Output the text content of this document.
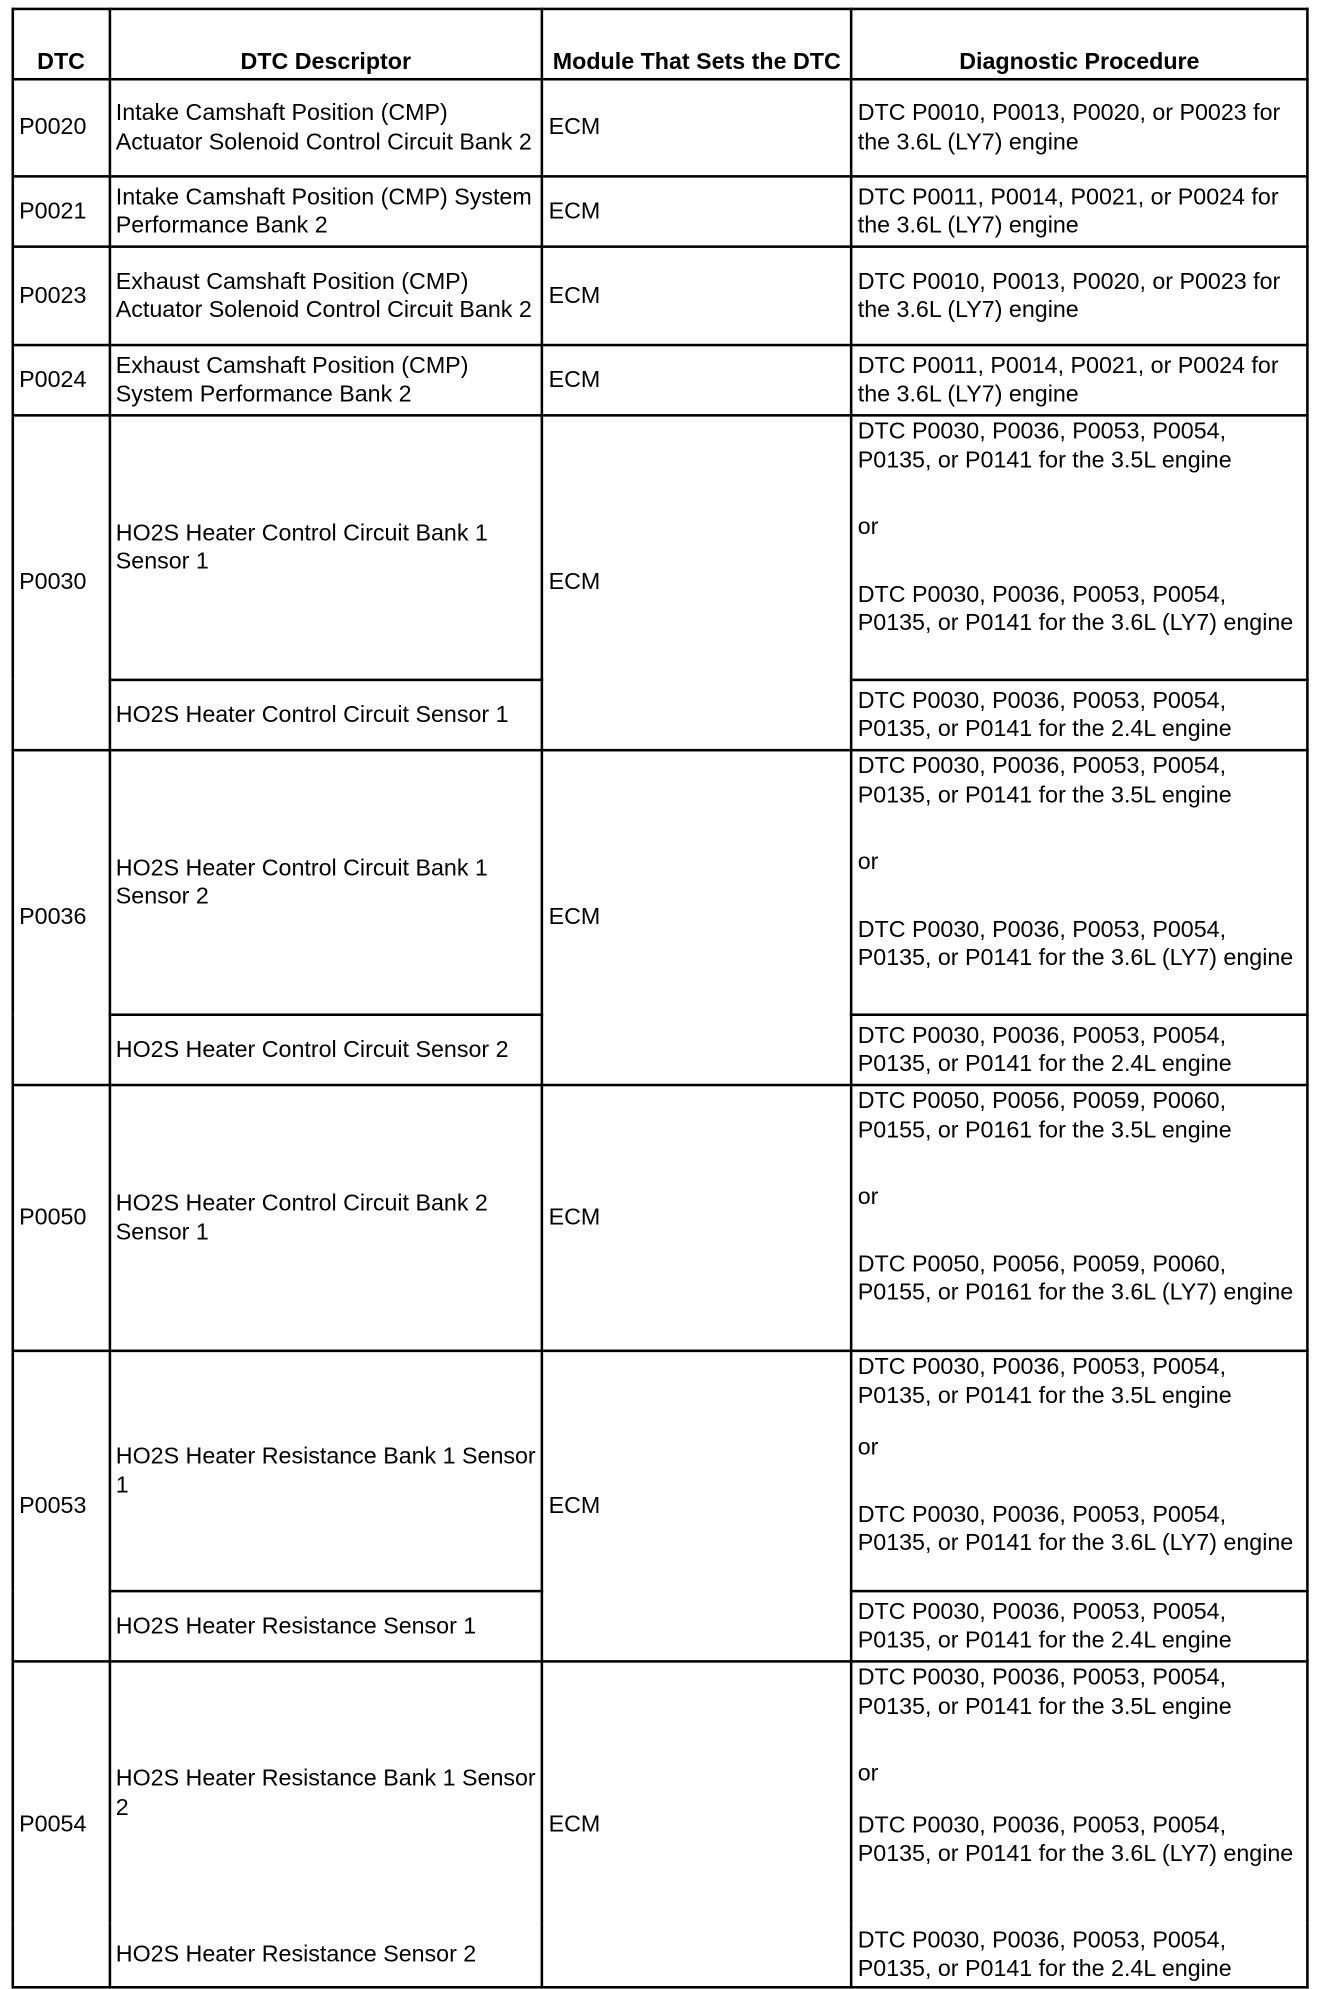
DTC	DTC Descriptor	Module That Sets the DTC	Diagnostic Procedure
P0020	Intake Camshaft Position (CMP) Actuator Solenoid Control Circuit Bank 2	ECM	DTC P0010, P0013, P0020, or P0023 for the 3.6L (LY7) engine
P0021	Intake Camshaft Position (CMP) System Performance Bank 2	ECM	DTC P0011, P0014, P0021, or P0024 for the 3.6L (LY7) engine
P0023	Exhaust Camshaft Position (CMP) Actuator Solenoid Control Circuit Bank 2	ECM	DTC P0010, P0013, P0020, or P0023 for the 3.6L (LY7) engine
P0024	Exhaust Camshaft Position (CMP) System Performance Bank 2	ECM	DTC P0011, P0014, P0021, or P0024 for the 3.6L (LY7) engine
P0030	HO2S Heater Control Circuit Bank 1 Sensor 1	ECM	DTC P0030, P0036, P0053, P0054, P0135, or P0141 for the 3.5L engine
or
DTC P0030, P0036, P0053, P0054, P0135, or P0141 for the 3.6L (LY7) engine
	HO2S Heater Control Circuit Sensor 1		DTC P0030, P0036, P0053, P0054, P0135, or P0141 for the 2.4L engine
P0036	HO2S Heater Control Circuit Bank 1 Sensor 2	ECM	DTC P0030, P0036, P0053, P0054, P0135, or P0141 for the 3.5L engine
or
DTC P0030, P0036, P0053, P0054, P0135, or P0141 for the 3.6L (LY7) engine
	HO2S Heater Control Circuit Sensor 2		DTC P0030, P0036, P0053, P0054, P0135, or P0141 for the 2.4L engine
P0050	HO2S Heater Control Circuit Bank 2 Sensor 1	ECM	DTC P0050, P0056, P0059, P0060, P0155, or P0161 for the 3.5L engine
or
DTC P0050, P0056, P0059, P0060, P0155, or P0161 for the 3.6L (LY7) engine
P0053	HO2S Heater Resistance Bank 1 Sensor 1	ECM	DTC P0030, P0036, P0053, P0054, P0135, or P0141 for the 3.5L engine
or
DTC P0030, P0036, P0053, P0054, P0135, or P0141 for the 3.6L (LY7) engine
	HO2S Heater Resistance Sensor 1		DTC P0030, P0036, P0053, P0054, P0135, or P0141 for the 2.4L engine
P0054	HO2S Heater Resistance Bank 1 Sensor 2	ECM	DTC P0030, P0036, P0053, P0054, P0135, or P0141 for the 3.5L engine
or
DTC P0030, P0036, P0053, P0054, P0135, or P0141 for the 3.6L (LY7) engine
	HO2S Heater Resistance Sensor 2		DTC P0030, P0036, P0053, P0054, P0135, or P0141 for the 2.4L engine
